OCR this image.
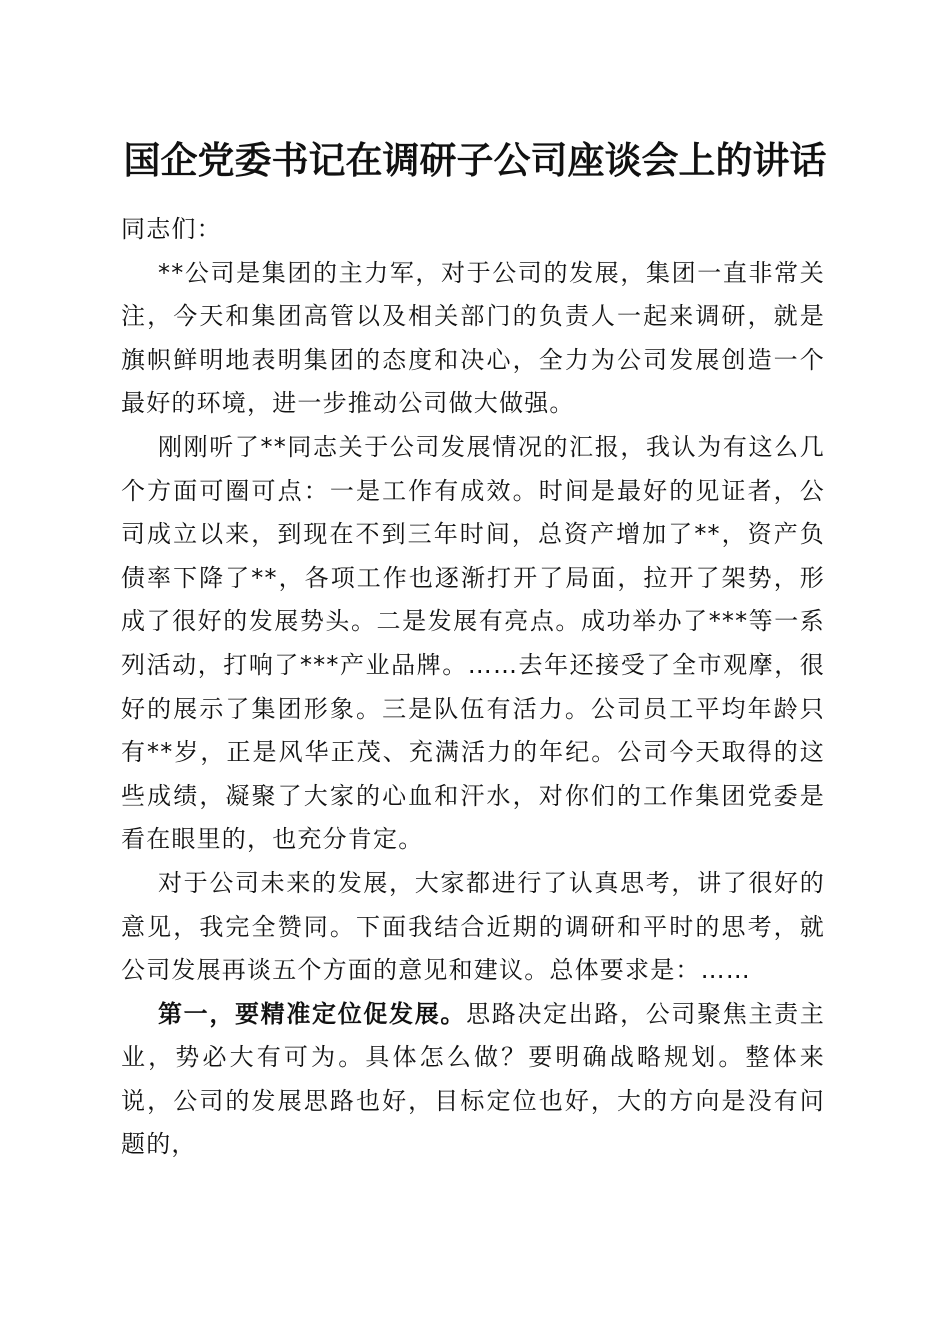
国企党委书记在调研子公司座谈会上的讲话

同志们：

**公司是集团的主力军，对于公司的发展，集团一直非常关注，今天和集团高管以及相关部门的负责人一起来调研，就是旗帜鲜明地表明集团的态度和决心，全力为公司发展创造一个最好的环境，进一步推动公司做大做强。

刚刚听了**同志关于公司发展情况的汇报，我认为有这么几个方面可圈可点：一是工作有成效。时间是最好的见证者，公司成立以来，到现在不到三年时间，总资产增加了**，资产负债率下降了**，各项工作也逐渐打开了局面，拉开了架势，形成了很好的发展势头。二是发展有亮点。成功举办了***等一系列活动，打响了***产业品牌。……去年还接受了全市观摩，很好的展示了集团形象。三是队伍有活力。公司员工平均年龄只有**岁，正是风华正茂、充满活力的年纪。公司今天取得的这些成绩，凝聚了大家的心血和汗水，对你们的工作集团党委是看在眼里的，也充分肯定。

对于公司未来的发展，大家都进行了认真思考，讲了很好的意见，我完全赞同。下面我结合近期的调研和平时的思考，就公司发展再谈五个方面的意见和建议。总体要求是：……

第一，要精准定位促发展。思路决定出路，公司聚焦主责主业，势必大有可为。具体怎么做？要明确战略规划。整体来说，公司的发展思路也好，目标定位也好，大的方向是没有问题的，
